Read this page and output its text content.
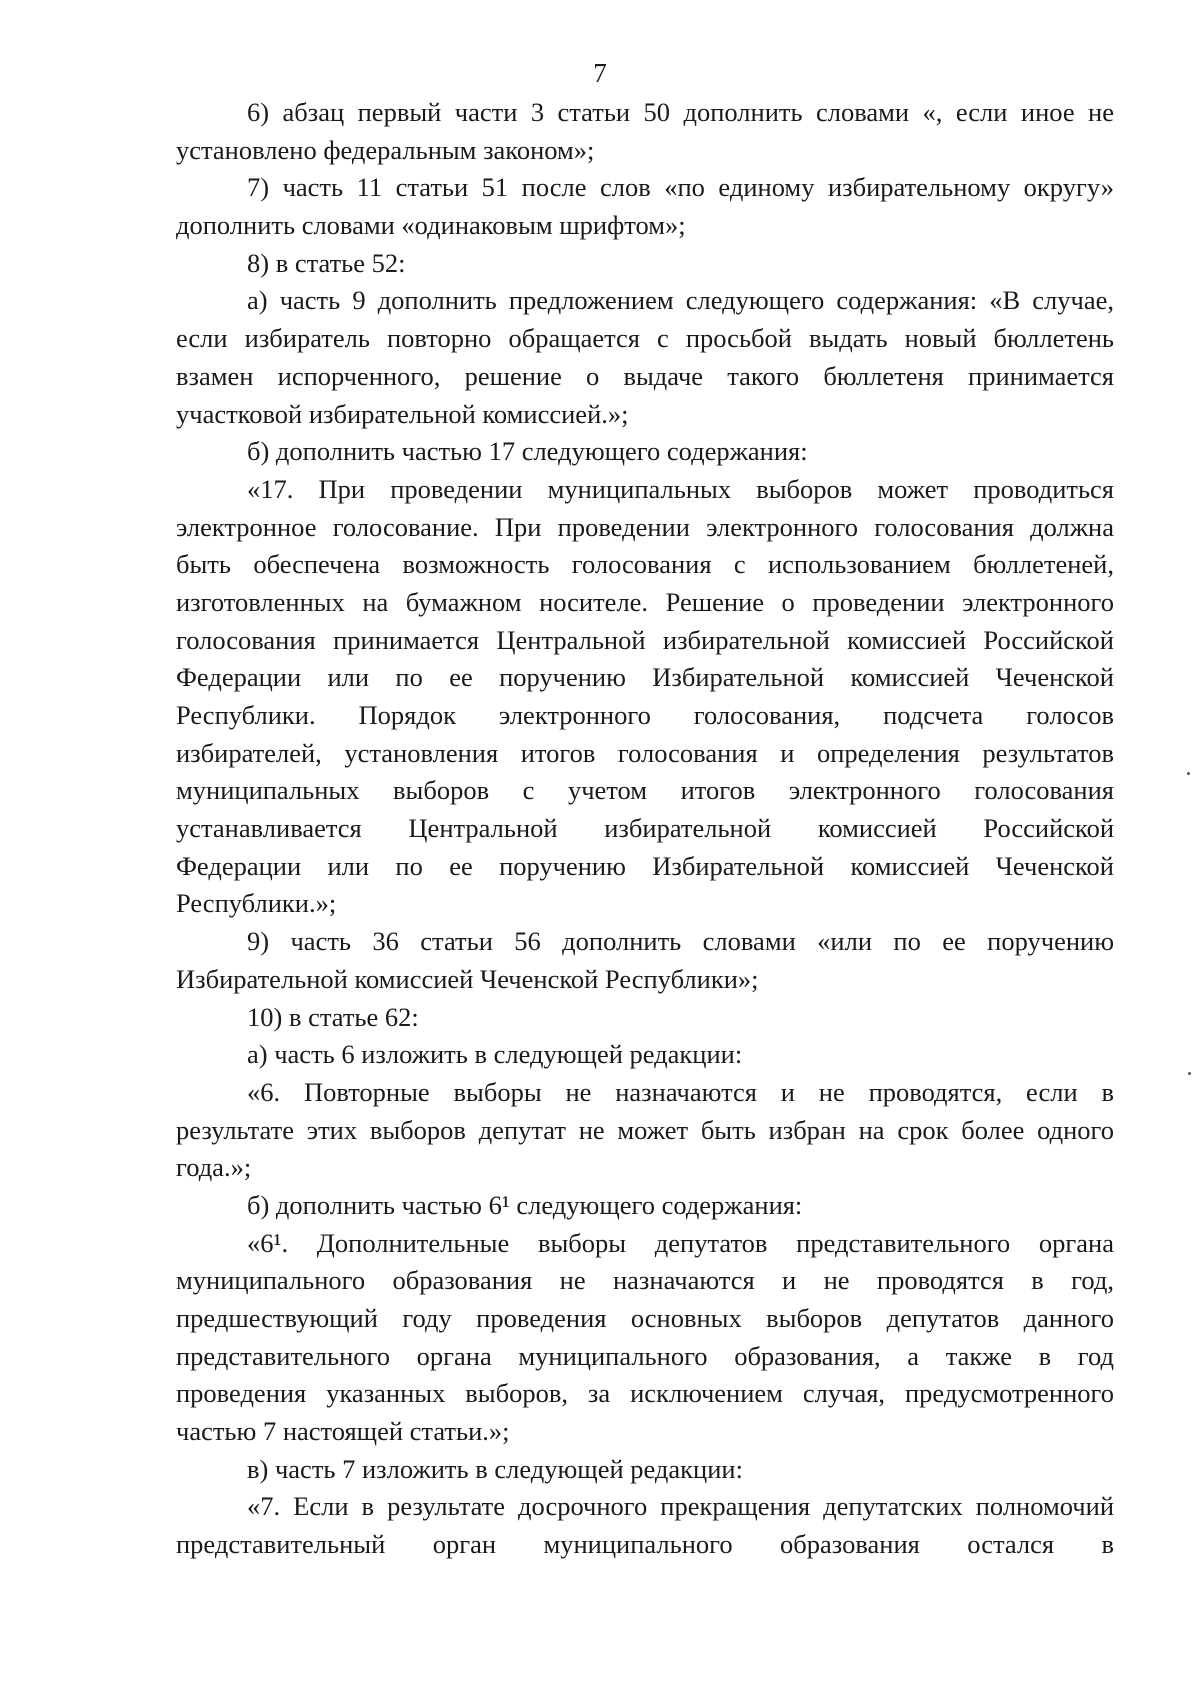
7
6) абзац первый части 3 статьи 50 дополнить словами «, если иное не
установлено федеральным законом»;
7) часть 11 статьи 51 после слов «по единому избирательному округу»
дополнить словами «одинаковым шрифтом»;
8) в статье 52:
а) часть 9 дополнить предложением следующего содержания: «В случае,
если избиратель повторно обращается с просьбой выдать новый бюллетень
взамен испорченного, решение о выдаче такого бюллетеня принимается
участковой избирательной комиссией.»;
б) дополнить частью 17 следующего содержания:
«17. При проведении муниципальных выборов может проводиться
электронное голосование. При проведении электронного голосования должна
быть обеспечена возможность голосования с использованием бюллетеней,
изготовленных на бумажном носителе. Решение о проведении электронного
голосования принимается Центральной избирательной комиссией Российской
Федерации или по ее поручению Избирательной комиссией Чеченской
Республики. Порядок электронного голосования, подсчета голосов
избирателей, установления итогов голосования и определения результатов
муниципальных выборов с учетом итогов электронного голосования
устанавливается Центральной избирательной комиссией Российской
Федерации или по ее поручению Избирательной комиссией Чеченской
Республики.»;
9) часть 36 статьи 56 дополнить словами «или по ее поручению
Избирательной комиссией Чеченской Республики»;
10) в статье 62:
а) часть 6 изложить в следующей редакции:
«6. Повторные выборы не назначаются и не проводятся, если в
результате этих выборов депутат не может быть избран на срок более одного
года.»;
б) дополнить частью 6¹ следующего содержания:
«6¹. Дополнительные выборы депутатов представительного органа
муниципального образования не назначаются и не проводятся в год,
предшествующий году проведения основных выборов депутатов данного
представительного органа муниципального образования, а также в год
проведения указанных выборов, за исключением случая, предусмотренного
частью 7 настоящей статьи.»;
в) часть 7 изложить в следующей редакции:
«7. Если в результате досрочного прекращения депутатских полномочий
представительный орган муниципального образования остался в
